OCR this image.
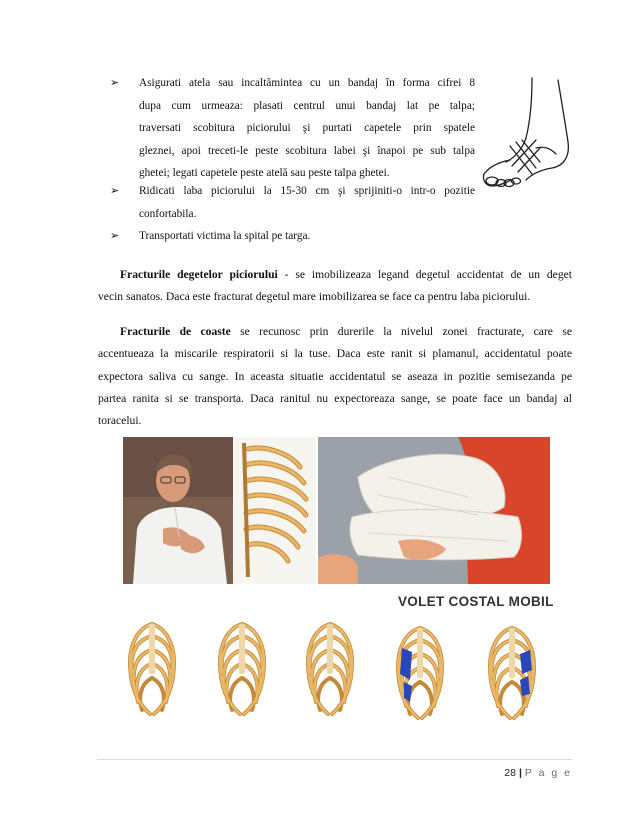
➢	Asigurati atela sau incaltămintea cu un bandaj în forma cifrei 8
dupa cum urmeaza: plasati centrul unui bandaj lat pe talpa;
traversati scobitura piciorului şi purtati capetele prin spatele
gleznei, apoi treceti-le peste scobitura labei şi înapoi pe sub talpa
ghetei; legati capetele peste atelă sau peste talpa ghetei.
➢	Ridicati laba piciorului la 15-30 cm şi sprijiniti-o intr-o pozitie
confortabila.
➢	Transportati victima la spital pe targa.
Fracturile degetelor piciorului - se imobilizeaza legand degetul accidentat de un deget
vecin sanatos. Daca este fracturat degetul mare imobilizarea se face ca pentru laba piciorului.
Fracturile de coaste se recunosc prin durerile la nivelul zonei fracturate, care se
accentueaza la miscarile respiratorii si la tuse. Daca este ranit si plamanul, accidentatul poate
expectora saliva cu sange. In aceasta situatie accidentatul se aseaza in pozitie semisezanda pe
partea ranita si se transporta. Daca ranitul nu expectoreaza sange, se poate face un bandaj al
toracelui.
VOLET COSTAL MOBIL
28 | P a g e
